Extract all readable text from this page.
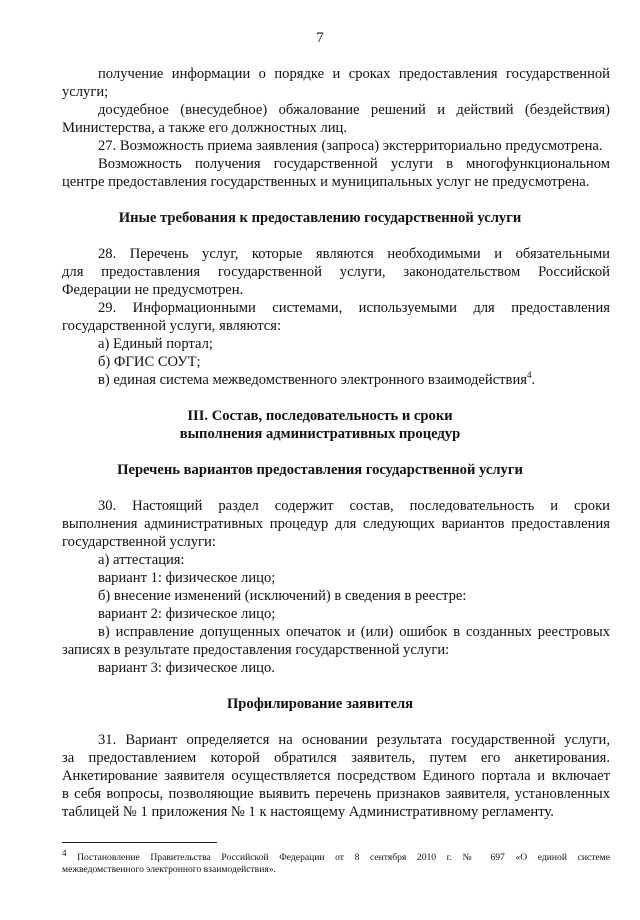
7
получение информации о порядке и сроках предоставления государственной
услуги;
досудебное (внесудебное) обжалование решений и действий (бездействия)
Министерства, а также его должностных лиц.
27. Возможность приема заявления (запроса) экстерриториально предусмотрена.
Возможность получения государственной услуги в многофункциональном
центре предоставления государственных и муниципальных услуг не предусмотрена.
Иные требования к предоставлению государственной услуги
28. Перечень услуг, которые являются необходимыми и обязательными
для предоставления государственной услуги, законодательством Российской
Федерации не предусмотрен.
29. Информационными системами, используемыми для предоставления
государственной услуги, являются:
а) Единый портал;
б) ФГИС СОУТ;
в) единая система межведомственного электронного взаимодействия$^4$.
III. Состав, последовательность и сроки
выполнения административных процедур
Перечень вариантов предоставления государственной услуги
30. Настоящий раздел содержит состав, последовательность и сроки
выполнения административных процедур для следующих вариантов предоставления
государственной услуги:
а) аттестация:
вариант 1: физическое лицо;
б) внесение изменений (исключений) в сведения в реестре:
вариант 2: физическое лицо;
в) исправление допущенных опечаток и (или) ошибок в созданных реестровых
записях в результате предоставления государственной услуги:
вариант 3: физическое лицо.
Профилирование заявителя
31. Вариант определяется на основании результата государственной услуги,
за предоставлением которой обратился заявитель, путем его анкетирования.
Анкетирование заявителя осуществляется посредством Единого портала и включает
в себя вопросы, позволяющие выявить перечень признаков заявителя, установленных
таблицей № 1 приложения № 1 к настоящему Административному регламенту.
$^4$ Постановление Правительства Российской Федерации от 8 сентября 2010 г. № 697 «О единой системе
межведомственного электронного взаимодействия».
